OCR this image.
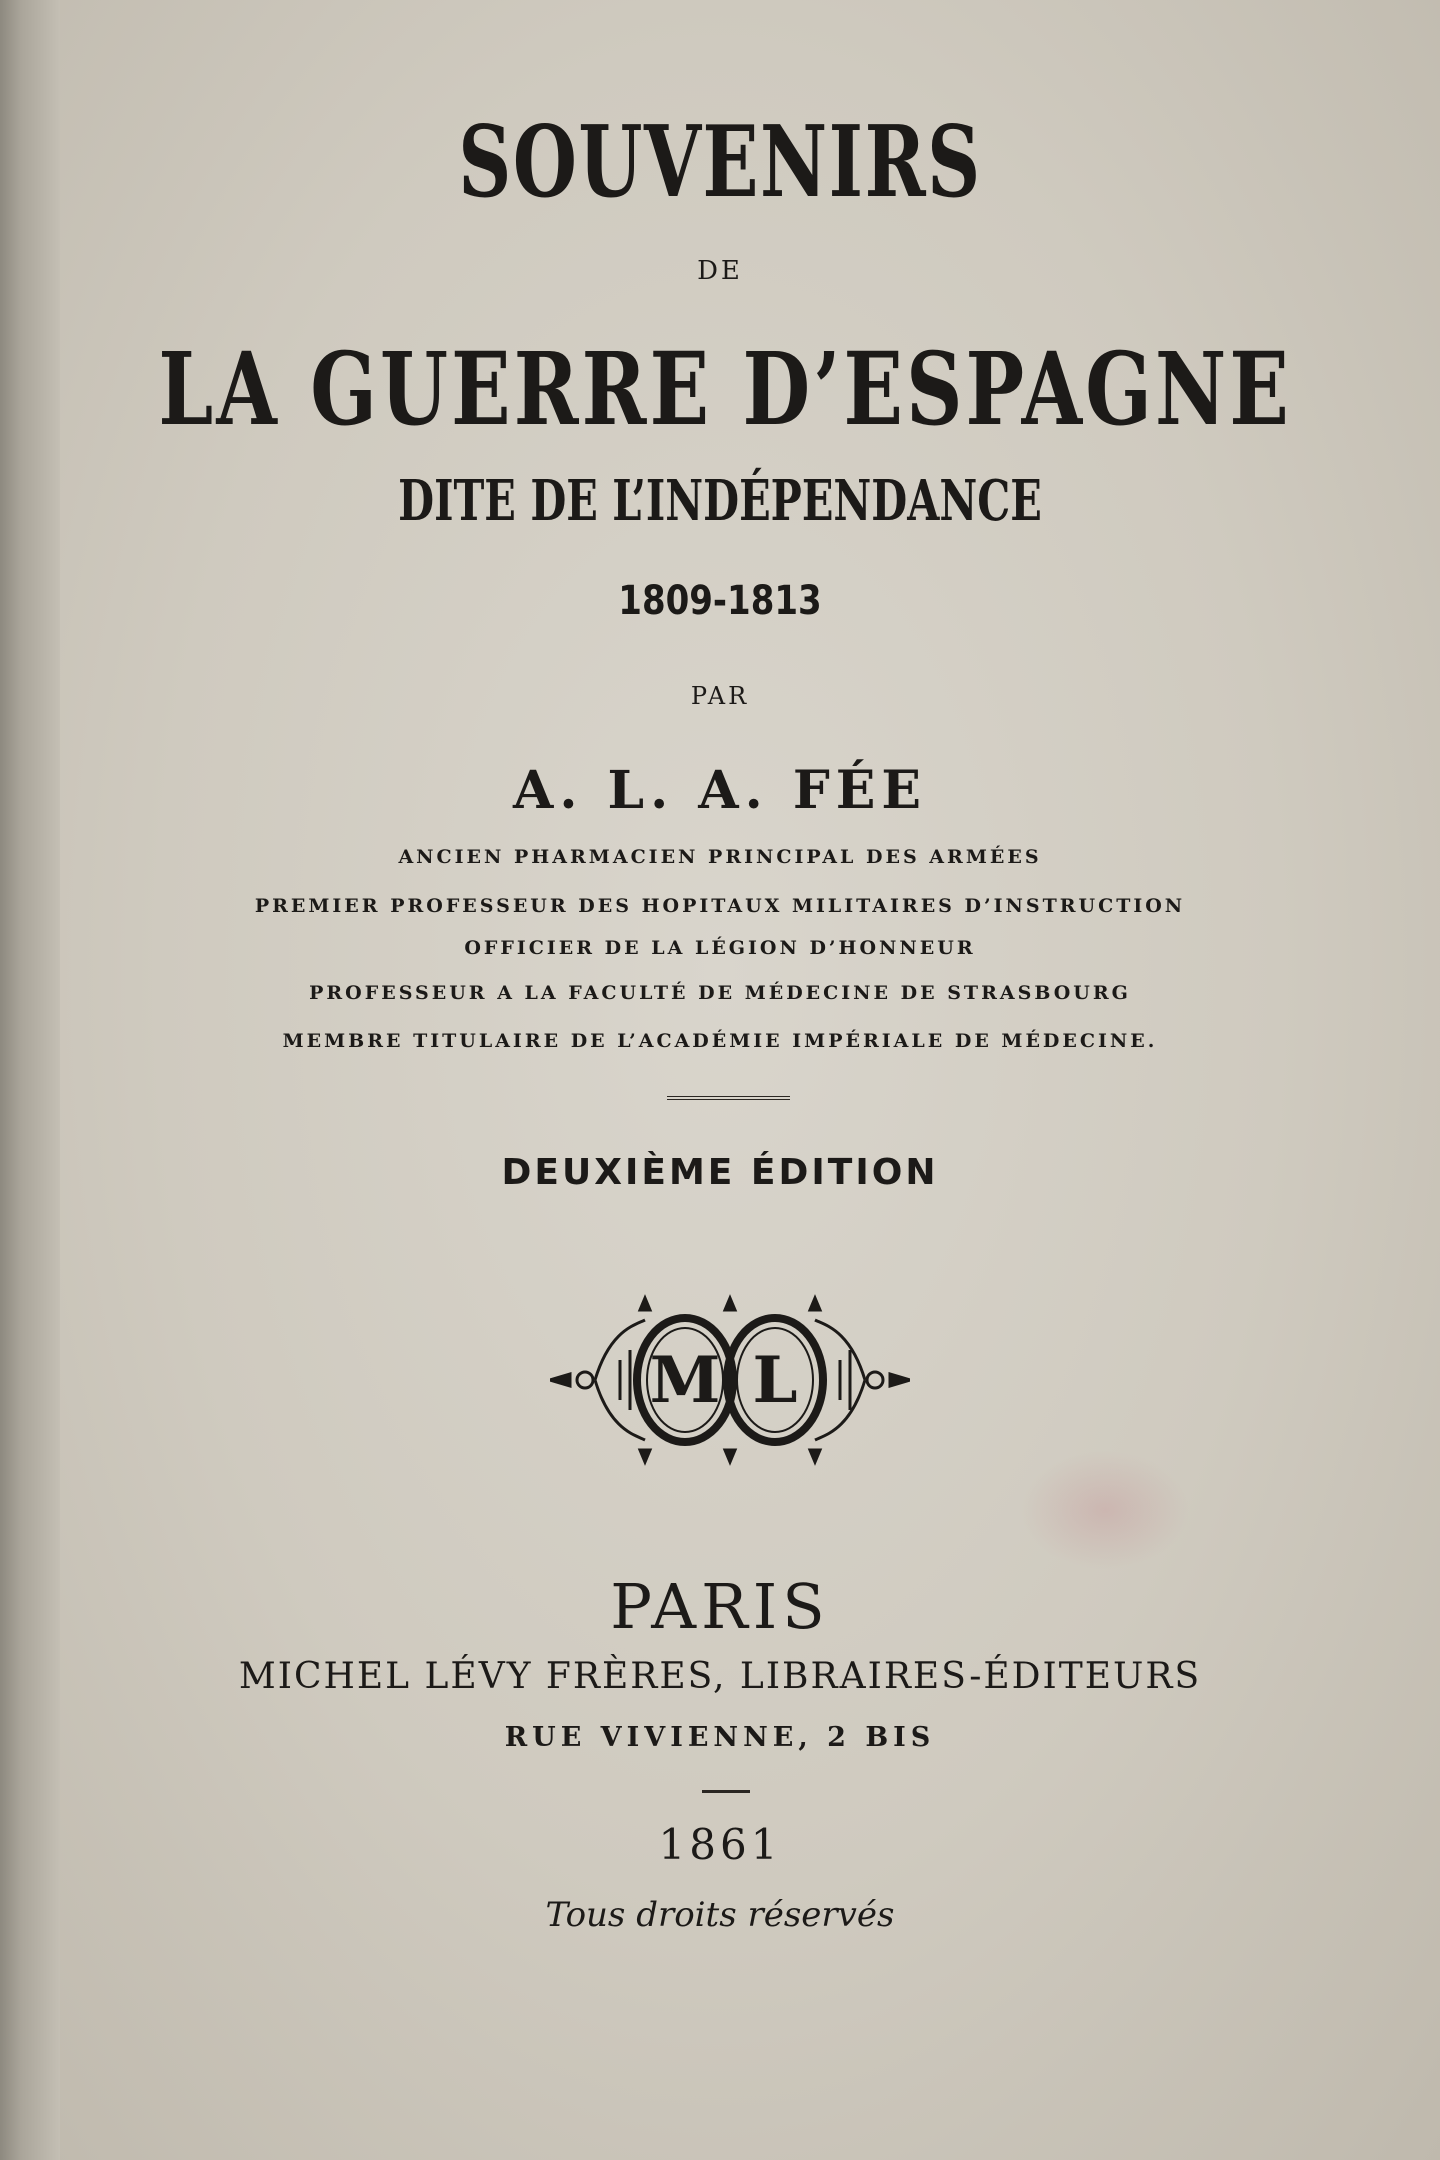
SOUVENIRS
DE
LA GUERRE D’ESPAGNE
DITE DE L’INDÉPENDANCE
1809-1813
PAR
A. L. A. FÉE
ANCIEN PHARMACIEN PRINCIPAL DES ARMÉES
PREMIER PROFESSEUR DES HOPITAUX MILITAIRES D’INSTRUCTION
OFFICIER DE LA LÉGION D’HONNEUR
PROFESSEUR A LA FACULTÉ DE MÉDECINE DE STRASBOURG
MEMBRE TITULAIRE DE L’ACADÉMIE IMPÉRIALE DE MÉDECINE.
DEUXIÈME ÉDITION
M L
PARIS
MICHEL LÉVY FRÈRES, LIBRAIRES-ÉDITEURS
RUE VIVIENNE, 2 BIS
1861
Tous droits réservés
